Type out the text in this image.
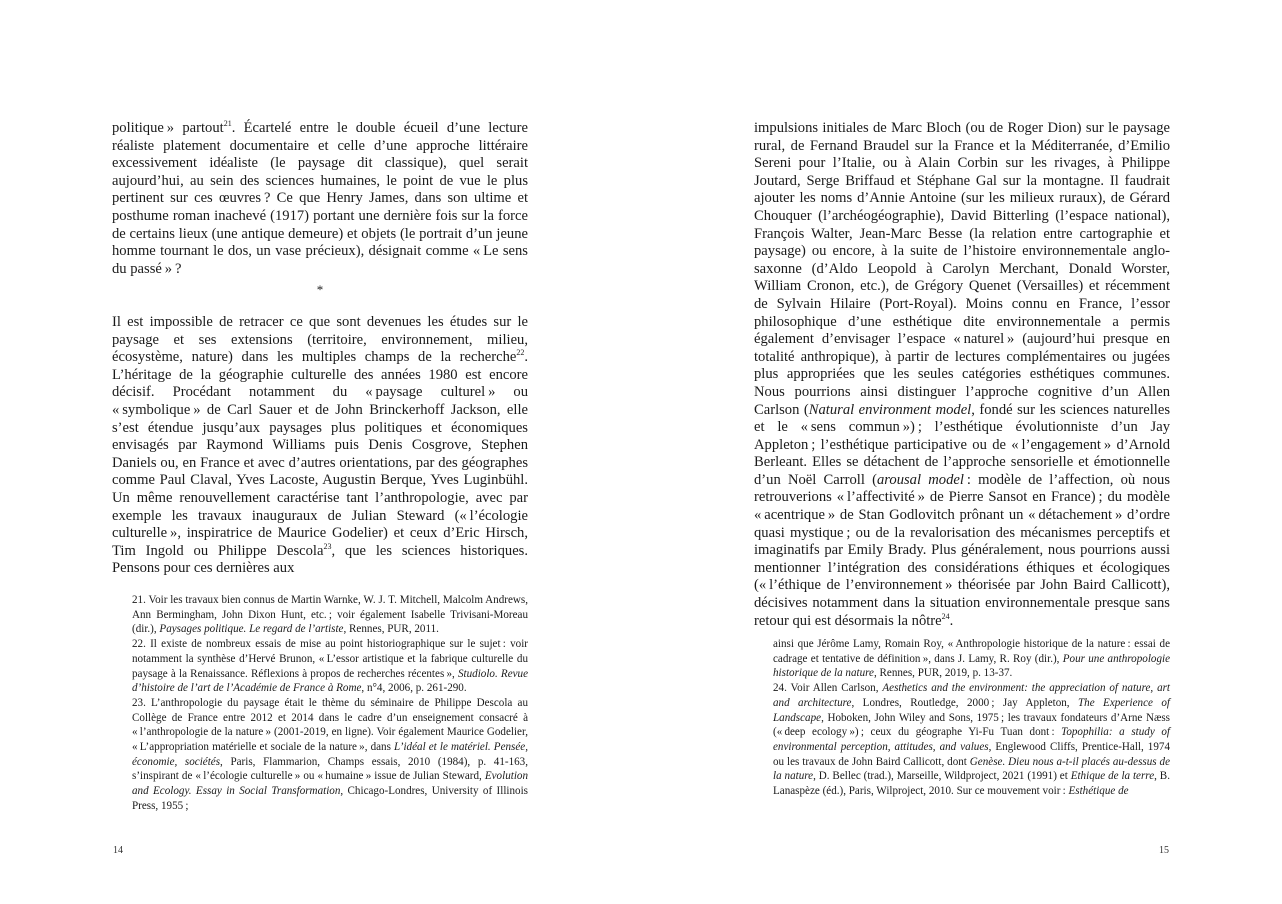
politique » partout$^{21}$. Écartelé entre le double écueil d’une lecture réaliste platement documentaire et celle d’une approche littéraire excessivement idéaliste (le paysage dit classique), quel serait aujourd’hui, au sein des sciences humaines, le point de vue le plus pertinent sur ces œuvres ? Ce que Henry James, dans son ultime et posthume roman inachevé (1917) portant une dernière fois sur la force de certains lieux (une antique demeure) et objets (le portrait d’un jeune homme tournant le dos, un vase précieux), désignait comme « Le sens du passé » ?

*

Il est impossible de retracer ce que sont devenues les études sur le paysage et ses extensions (territoire, environnement, milieu, écosystème, nature) dans les multiples champs de la recherche$^{22}$. L’héritage de la géographie culturelle des années 1980 est encore décisif. Procédant notamment du « paysage culturel » ou « symbolique » de Carl Sauer et de John Brinckerhoff Jackson, elle s’est étendue jusqu’aux paysages plus politiques et économiques envisagés par Raymond Williams puis Denis Cosgrove, Stephen Daniels ou, en France et avec d’autres orientations, par des géographes comme Paul Claval, Yves Lacoste, Augustin Berque, Yves Luginbühl. Un même renouvellement caractérise tant l’anthropologie, avec par exemple les travaux inauguraux de Julian Steward (« l’écologie culturelle », inspiratrice de Maurice Godelier) et ceux d’Eric Hirsch, Tim Ingold ou Philippe Descola$^{23}$, que les sciences historiques. Pensons pour ces dernières aux

21. Voir les travaux bien connus de Martin Warnke, W. J. T. Mitchell, Malcolm Andrews, Ann Bermingham, John Dixon Hunt, etc. ; voir également Isabelle Trivisani-Moreau (dir.), Paysages politique. Le regard de l’artiste, Rennes, PUR, 2011.

22. Il existe de nombreux essais de mise au point historiographique sur le sujet : voir notamment la synthèse d’Hervé Brunon, « L’essor artistique et la fabrique culturelle du paysage à la Renaissance. Réflexions à propos de recherches récentes », Studiolo. Revue d’histoire de l’art de l’Académie de France à Rome, n°4, 2006, p. 261-290.

23. L’anthropologie du paysage était le thème du séminaire de Philippe Descola au Collège de France entre 2012 et 2014 dans le cadre d’un enseignement consacré à « l’anthropologie de la nature » (2001-2019, en ligne). Voir également Maurice Godelier, « L’appropriation matérielle et sociale de la nature », dans L’idéal et le matériel. Pensée, économie, sociétés, Paris, Flammarion, Champs essais, 2010 (1984), p. 41-163, s’inspirant de « l’écologie culturelle » ou « humaine » issue de Julian Steward, Evolution and Ecology. Essay in Social Transformation, Chicago-Londres, University of Illinois Press, 1955 ;

14

impulsions initiales de Marc Bloch (ou de Roger Dion) sur le paysage rural, de Fernand Braudel sur la France et la Méditerranée, d’Emilio Sereni pour l’Italie, ou à Alain Corbin sur les rivages, à Philippe Joutard, Serge Briffaud et Stéphane Gal sur la montagne. Il faudrait ajouter les noms d’Annie Antoine (sur les milieux ruraux), de Gérard Chouquer (l’archéogéographie), David Bitterling (l’espace national), François Walter, Jean-Marc Besse (la relation entre cartographie et paysage) ou encore, à la suite de l’histoire environnementale anglo-saxonne (d’Aldo Leopold à Carolyn Merchant, Donald Worster, William Cronon, etc.), de Grégory Quenet (Versailles) et récemment de Sylvain Hilaire (Port-Royal). Moins connu en France, l’essor philosophique d’une esthétique dite environnementale a permis également d’envisager l’espace « naturel » (aujourd’hui presque en totalité anthropique), à partir de lectures complémentaires ou jugées plus appropriées que les seules catégories esthétiques communes. Nous pourrions ainsi distinguer l’approche cognitive d’un Allen Carlson (Natural environment model, fondé sur les sciences naturelles et le « sens commun ») ; l’esthétique évolutionniste d’un Jay Appleton ; l’esthétique participative ou de « l’engagement » d’Arnold Berleant. Elles se détachent de l’approche sensorielle et émotionnelle d’un Noël Carroll (arousal model : modèle de l’affection, où nous retrouverions « l’affectivité » de Pierre Sansot en France) ; du modèle « acentrique » de Stan Godlovitch prônant un « détachement » d’ordre quasi mystique ; ou de la revalorisation des mécanismes perceptifs et imaginatifs par Emily Brady. Plus généralement, nous pourrions aussi mentionner l’intégration des considérations éthiques et écologiques (« l’éthique de l’environnement » théorisée par John Baird Callicott), décisives notamment dans la situation environnementale presque sans retour qui est désormais la nôtre$^{24}$.

ainsi que Jérôme Lamy, Romain Roy, « Anthropologie historique de la nature : essai de cadrage et tentative de définition », dans J. Lamy, R. Roy (dir.), Pour une anthropologie historique de la nature, Rennes, PUR, 2019, p. 13-37.

24. Voir Allen Carlson, Aesthetics and the environment: the appreciation of nature, art and architecture, Londres, Routledge, 2000 ; Jay Appleton, The Experience of Landscape, Hoboken, John Wiley and Sons, 1975 ; les travaux fondateurs d’Arne Næss (« deep ecology ») ; ceux du géographe Yi-Fu Tuan dont : Topophilia: a study of environmental perception, attitudes, and values, Englewood Cliffs, Prentice-Hall, 1974 ou les travaux de John Baird Callicott, dont Genèse. Dieu nous a-t-il placés au-dessus de la nature, D. Bellec (trad.), Marseille, Wildproject, 2021 (1991) et Ethique de la terre, B. Lanaspèze (éd.), Paris, Wilproject, 2010. Sur ce mouvement voir : Esthétique de

15
